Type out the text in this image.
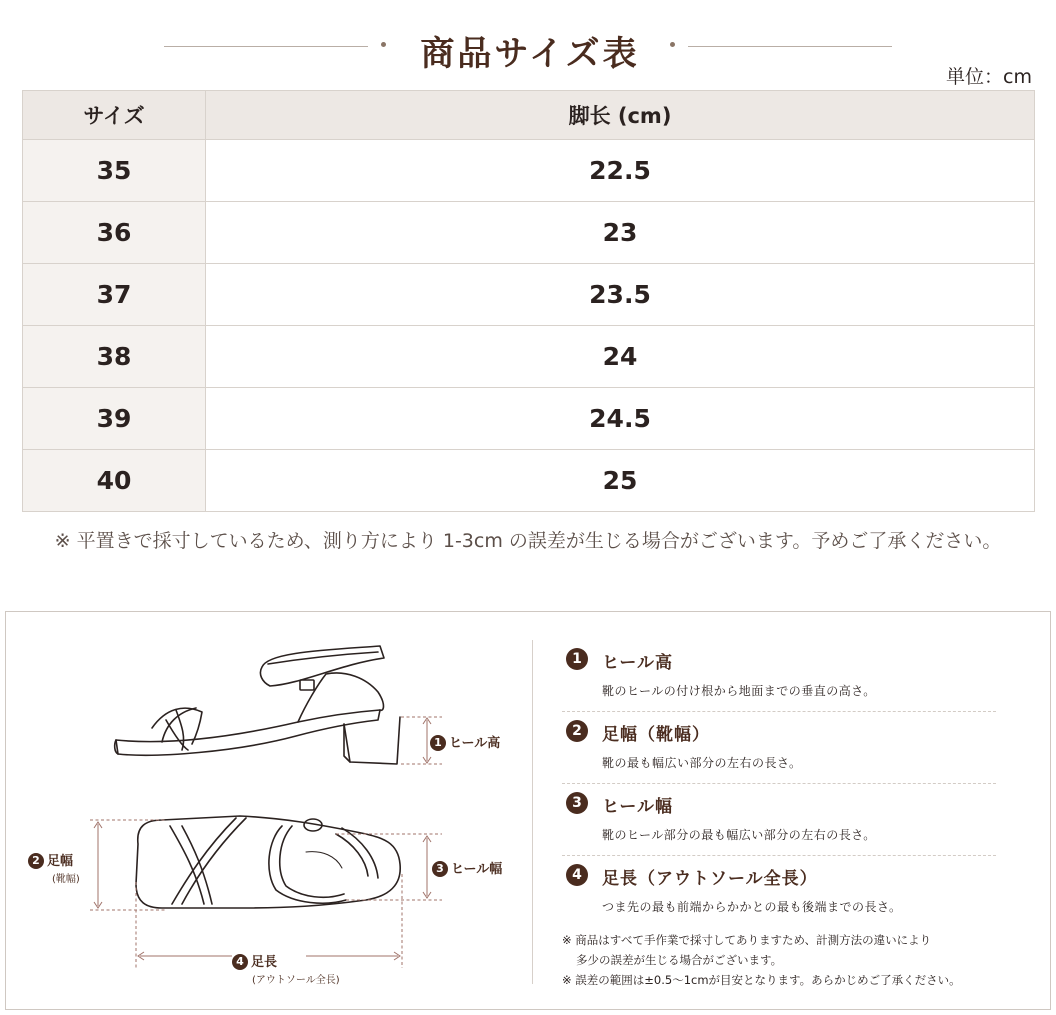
商品サイズ表
単位：cm
サイズ	脚长 (cm)
35	22.5
36	23
37	23.5
38	24
39	24.5
40	25
※ 平置きで採寸しているため、測り方により 1-3cm の誤差が生じる場合がございます。予めご了承ください。
1 ヒール高
2 足幅
(靴幅)
3 ヒール幅
4 足長
(アウトソール全長)
1	ヒール高
靴のヒールの付け根から地面までの垂直の高さ。
2	足幅（靴幅）
靴の最も幅広い部分の左右の長さ。
3	ヒール幅
靴のヒール部分の最も幅広い部分の左右の長さ。
4	足長（アウトソール全長）
つま先の最も前端からかかとの最も後端までの長さ。
※ 商品はすべて手作業で採寸してありますため、計測方法の違いにより
多少の誤差が生じる場合がございます。
※ 誤差の範囲は±0.5〜1cmが目安となります。あらかじめご了承ください。
